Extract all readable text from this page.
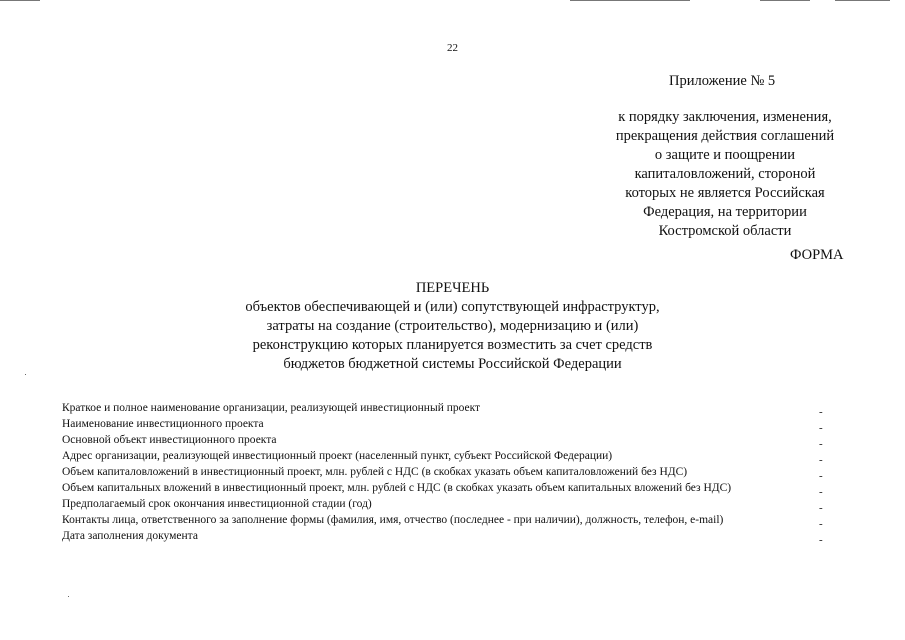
22
Приложение № 5
к порядку заключения, изменения,
прекращения действия соглашений
о защите и поощрении
капиталовложений, стороной
которых не является Российская
Федерация, на территории
Костромской области
ФОРМА
ПЕРЕЧЕНЬ
объектов обеспечивающей и (или) сопутствующей инфраструктур,
затраты на создание (строительство), модернизацию и (или)
реконструкцию которых планируется возместить за счет средств
бюджетов бюджетной системы Российской Федерации
Краткое и полное наименование организации, реализующей инвестиционный проект
Наименование инвестиционного проекта
Основной объект инвестиционного проекта
Адрес организации, реализующей инвестиционный проект (населенный пункт, субъект Российской Федерации)
Объем капиталовложений в инвестиционный проект, млн. рублей с НДС (в скобках указать объем капиталовложений без НДС)
Объем капитальных вложений в инвестиционный проект, млн. рублей с НДС (в скобках указать объем капитальных вложений без НДС)
Предполагаемый срок окончания инвестиционной стадии (год)
Контакты лица, ответственного за заполнение формы (фамилия, имя, отчество (последнее - при наличии), должность, телефон, e-mail)
Дата заполнения документа
-
-
-
-
-
-
-
-
-
